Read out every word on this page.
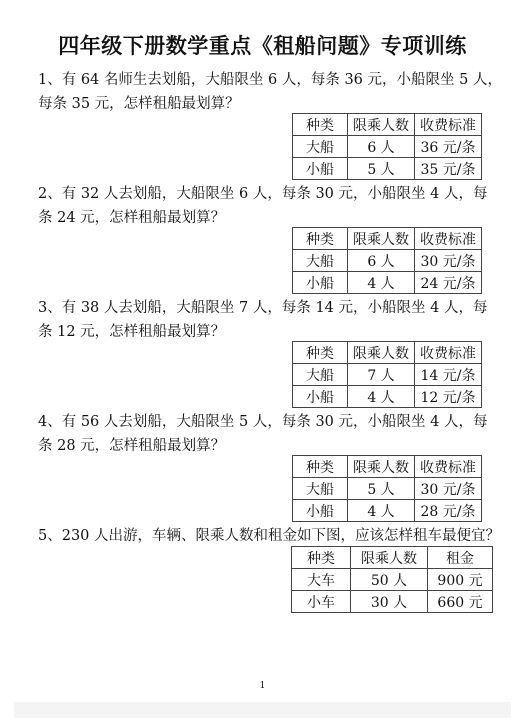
四年级下册数学重点《租船问题》专项训练
1、有 64 名师生去划船，大船限坐 6 人，每条 36 元，小船限坐 5 人，
每条 35 元，怎样租船最划算？
种类	限乘人数	收费标准
大船	6 人	36 元/条
小船	5 人	35 元/条
2、有 32 人去划船，大船限坐 6 人，每条 30 元，小船限坐 4 人，每
条 24 元，怎样租船最划算？
种类	限乘人数	收费标准
大船	6 人	30 元/条
小船	4 人	24 元/条
3、有 38 人去划船，大船限坐 7 人，每条 14 元，小船限坐 4 人，每
条 12 元，怎样租船最划算？
种类	限乘人数	收费标准
大船	7 人	14 元/条
小船	4 人	12 元/条
4、有 56 人去划船，大船限坐 5 人，每条 30 元，小船限坐 4 人，每
条 28 元，怎样租船最划算？
种类	限乘人数	收费标准
大船	5 人	30 元/条
小船	4 人	28 元/条
5、230 人出游，车辆、限乘人数和租金如下图，应该怎样租车最便宜？
种类	限乘人数	租金
大车	50 人	900 元
小车	30 人	660 元
1
